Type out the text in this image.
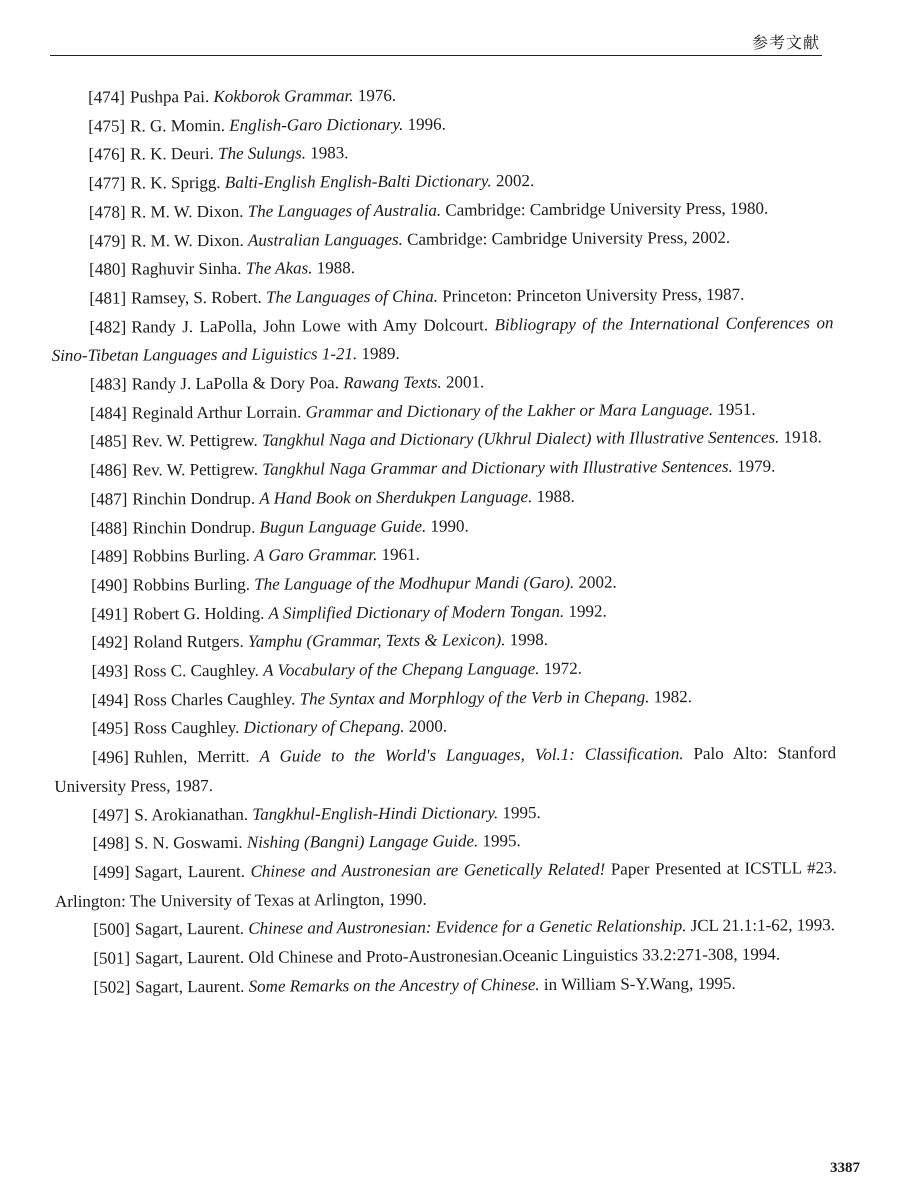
参考文献

[474] Pushpa Pai. Kokborok Grammar. 1976.

[475] R. G. Momin. English-Garo Dictionary. 1996.

[476] R. K. Deuri. The Sulungs. 1983.

[477] R. K. Sprigg. Balti-English English-Balti Dictionary. 2002.

[478] R. M. W. Dixon. The Languages of Australia. Cambridge: Cambridge University Press, 1980.

[479] R. M. W. Dixon. Australian Languages. Cambridge: Cambridge University Press, 2002.

[480] Raghuvir Sinha. The Akas. 1988.

[481] Ramsey, S. Robert. The Languages of China. Princeton: Princeton University Press, 1987.

[482] Randy J. LaPolla, John Lowe with Amy Dolcourt. Bibliograpy of the International Conferences on Sino-Tibetan Languages and Liguistics 1-21. 1989.

[483] Randy J. LaPolla & Dory Poa. Rawang Texts. 2001.

[484] Reginald Arthur Lorrain. Grammar and Dictionary of the Lakher or Mara Language. 1951.

[485] Rev. W. Pettigrew. Tangkhul Naga and Dictionary (Ukhrul Dialect) with Illustrative Sentences. 1918.

[486] Rev. W. Pettigrew. Tangkhul Naga Grammar and Dictionary with Illustrative Sentences. 1979.

[487] Rinchin Dondrup. A Hand Book on Sherdukpen Language. 1988.

[488] Rinchin Dondrup. Bugun Language Guide. 1990.

[489] Robbins Burling. A Garo Grammar. 1961.

[490] Robbins Burling. The Language of the Modhupur Mandi (Garo). 2002.

[491] Robert G. Holding. A Simplified Dictionary of Modern Tongan. 1992.

[492] Roland Rutgers. Yamphu (Grammar, Texts & Lexicon). 1998.

[493] Ross C. Caughley. A Vocabulary of the Chepang Language. 1972.

[494] Ross Charles Caughley. The Syntax and Morphlogy of the Verb in Chepang. 1982.

[495] Ross Caughley. Dictionary of Chepang. 2000.

[496] Ruhlen, Merritt. A Guide to the World's Languages, Vol.1: Classification. Palo Alto: Stanford University Press, 1987.

[497] S. Arokianathan. Tangkhul-English-Hindi Dictionary. 1995.

[498] S. N. Goswami. Nishing (Bangni) Langage Guide. 1995.

[499] Sagart, Laurent. Chinese and Austronesian are Genetically Related! Paper Presented at ICSTLL #23. Arlington: The University of Texas at Arlington, 1990.

[500] Sagart, Laurent. Chinese and Austronesian: Evidence for a Genetic Relationship. JCL 21.1:1-62, 1993.

[501] Sagart, Laurent. Old Chinese and Proto-Austronesian.Oceanic Linguistics 33.2:271-308, 1994.

[502] Sagart, Laurent. Some Remarks on the Ancestry of Chinese. in William S-Y.Wang, 1995.

3387
